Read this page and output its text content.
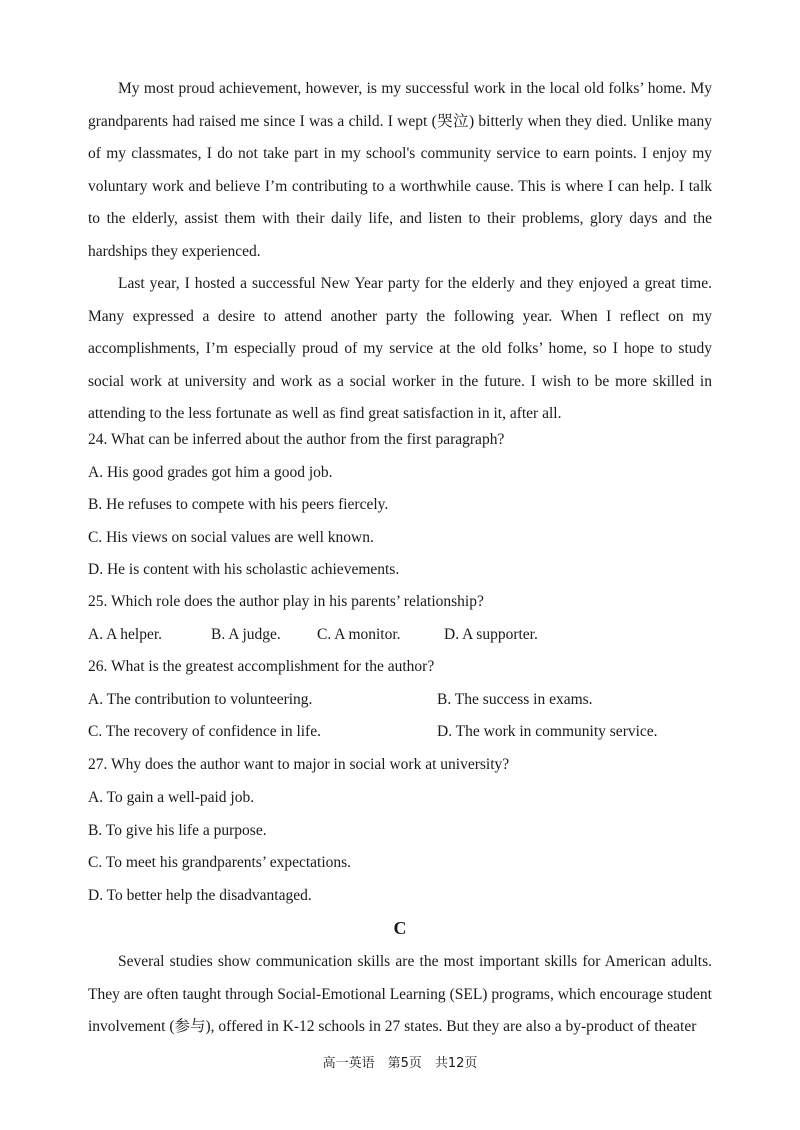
My most proud achievement, however, is my successful work in the local old folks’ home. My grandparents had raised me since I was a child. I wept (哭泣) bitterly when they died. Unlike many of my classmates, I do not take part in my school's community service to earn points. I enjoy my voluntary work and believe I’m contributing to a worthwhile cause. This is where I can help. I talk to the elderly, assist them with their daily life, and listen to their problems, glory days and the hardships they experienced.

Last year, I hosted a successful New Year party for the elderly and they enjoyed a great time. Many expressed a desire to attend another party the following year. When I reflect on my accomplishments, I’m especially proud of my service at the old folks’ home, so I hope to study social work at university and work as a social worker in the future. I wish to be more skilled in attending to the less fortunate as well as find great satisfaction in it, after all.

24. What can be inferred about the author from the first paragraph?
A. His good grades got him a good job.
B. He refuses to compete with his peers fiercely.
C. His views on social values are well known.
D. He is content with his scholastic achievements.
25. Which role does the author play in his parents’ relationship?
A. A helper.	B. A judge. C. A monitor.	D. A supporter.
26. What is the greatest accomplishment for the author?
A. The contribution to volunteering.	B. The success in exams.
C. The recovery of confidence in life.	D. The work in community service.
27. Why does the author want to major in social work at university?
A. To gain a well-paid job.
B. To give his life a purpose.
C. To meet his grandparents’ expectations.
D. To better help the disadvantaged.
C

Several studies show communication skills are the most important skills for American adults. They are often taught through Social-Emotional Learning (SEL) programs, which encourage student involvement (参与), offered in K-12 schools in 27 states. But they are also a by-product of theater

高一英语　第5页　共12页
